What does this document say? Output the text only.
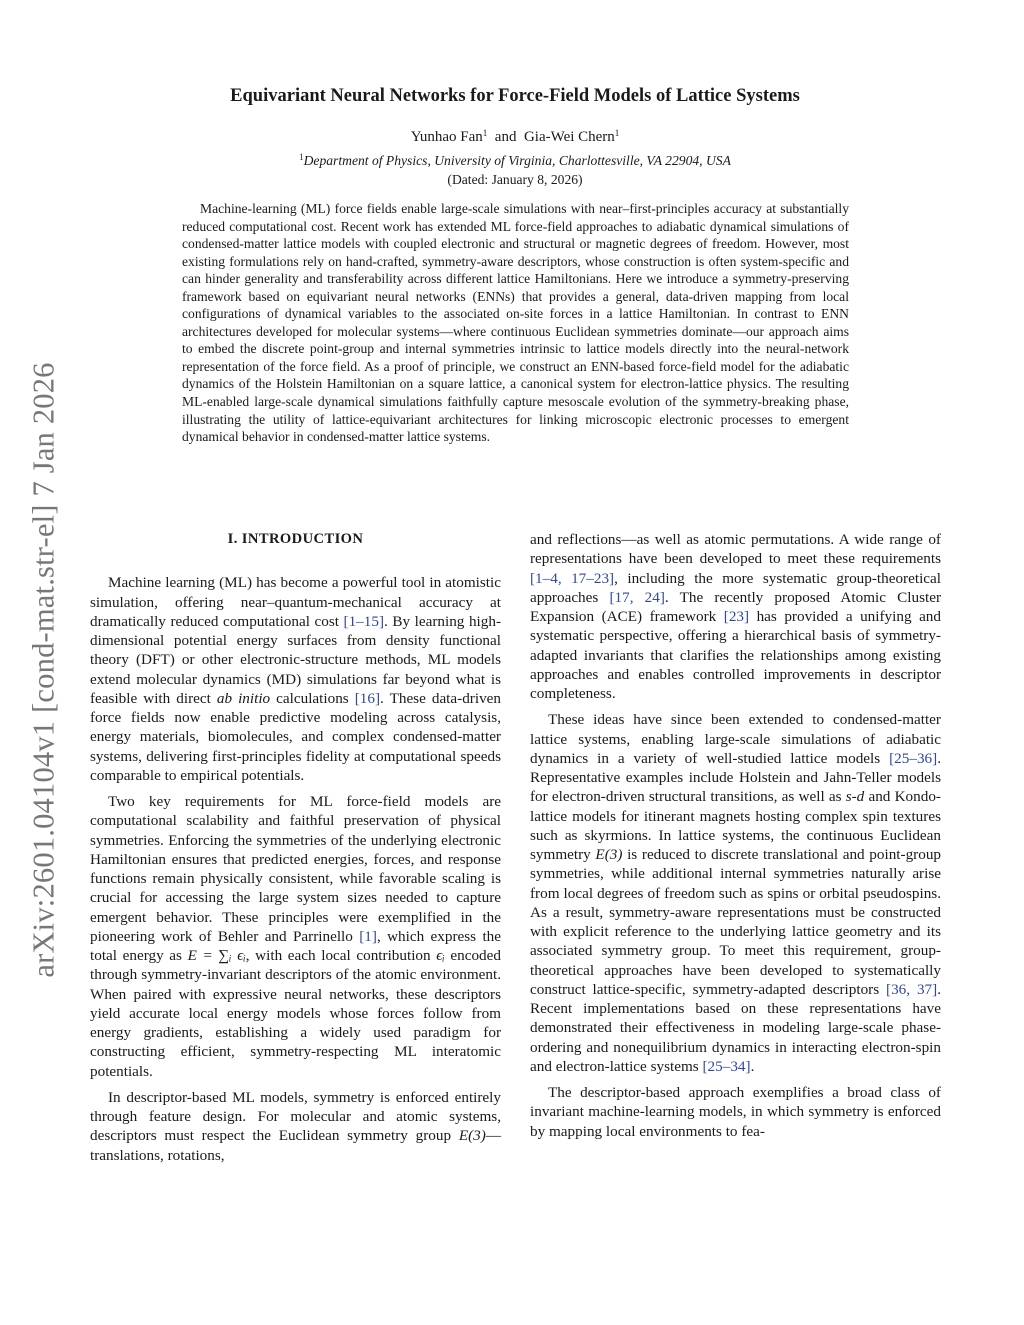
arXiv:2601.04104v1 [cond-mat.str-el] 7 Jan 2026
Equivariant Neural Networks for Force-Field Models of Lattice Systems
Yunhao Fan$^1$ and Gia-Wei Chern$^1$
$^1$Department of Physics, University of Virginia, Charlottesville, VA 22904, USA
(Dated: January 8, 2026)
Machine-learning (ML) force fields enable large-scale simulations with near–first-principles accuracy at substantially reduced computational cost. Recent work has extended ML force-field approaches to adiabatic dynamical simulations of condensed-matter lattice models with coupled electronic and structural or magnetic degrees of freedom. However, most existing formulations rely on hand-crafted, symmetry-aware descriptors, whose construction is often system-specific and can hinder generality and transferability across different lattice Hamiltonians. Here we introduce a symmetry-preserving framework based on equivariant neural networks (ENNs) that provides a general, data-driven mapping from local configurations of dynamical variables to the associated on-site forces in a lattice Hamiltonian. In contrast to ENN architectures developed for molecular systems—where continuous Euclidean symmetries dominate—our approach aims to embed the discrete point-group and internal symmetries intrinsic to lattice models directly into the neural-network representation of the force field. As a proof of principle, we construct an ENN-based force-field model for the adiabatic dynamics of the Holstein Hamiltonian on a square lattice, a canonical system for electron-lattice physics. The resulting ML-enabled large-scale dynamical simulations faithfully capture mesoscale evolution of the symmetry-breaking phase, illustrating the utility of lattice-equivariant architectures for linking microscopic electronic processes to emergent dynamical behavior in condensed-matter lattice systems.
I. INTRODUCTION

Machine learning (ML) has become a powerful tool in atomistic simulation, offering near–quantum-mechanical accuracy at dramatically reduced computational cost [1–15]. By learning high-dimensional potential energy surfaces from density functional theory (DFT) or other electronic-structure methods, ML models extend molecular dynamics (MD) simulations far beyond what is feasible with direct ab initio calculations [16]. These data-driven force fields now enable predictive modeling across catalysis, energy materials, biomolecules, and complex condensed-matter systems, delivering first-principles fidelity at computational speeds comparable to empirical potentials.

Two key requirements for ML force-field models are computational scalability and faithful preservation of physical symmetries. Enforcing the symmetries of the underlying electronic Hamiltonian ensures that predicted energies, forces, and response functions remain physically consistent, while favorable scaling is crucial for accessing the large system sizes needed to capture emergent behavior. These principles were exemplified in the pioneering work of Behler and Parrinello [1], which express the total energy as E = ∑ᵢ ϵᵢ, with each local contribution ϵᵢ encoded through symmetry-invariant descriptors of the atomic environment. When paired with expressive neural networks, these descriptors yield accurate local energy models whose forces follow from energy gradients, establishing a widely used paradigm for constructing efficient, symmetry-respecting ML interatomic potentials.

In descriptor-based ML models, symmetry is enforced entirely through feature design. For molecular and atomic systems, descriptors must respect the Euclidean symmetry group E(3)—translations, rotations,

and reflections—as well as atomic permutations. A wide range of representations have been developed to meet these requirements [1–4, 17–23], including the more systematic group-theoretical approaches [17, 24]. The recently proposed Atomic Cluster Expansion (ACE) framework [23] has provided a unifying and systematic perspective, offering a hierarchical basis of symmetry-adapted invariants that clarifies the relationships among existing approaches and enables controlled improvements in descriptor completeness.

These ideas have since been extended to condensed-matter lattice systems, enabling large-scale simulations of adiabatic dynamics in a variety of well-studied lattice models [25–36]. Representative examples include Holstein and Jahn-Teller models for electron-driven structural transitions, as well as s-d and Kondo-lattice models for itinerant magnets hosting complex spin textures such as skyrmions. In lattice systems, the continuous Euclidean symmetry E(3) is reduced to discrete translational and point-group symmetries, while additional internal symmetries naturally arise from local degrees of freedom such as spins or orbital pseudospins. As a result, symmetry-aware representations must be constructed with explicit reference to the underlying lattice geometry and its associated symmetry group. To meet this requirement, group-theoretical approaches have been developed to systematically construct lattice-specific, symmetry-adapted descriptors [36, 37]. Recent implementations based on these representations have demonstrated their effectiveness in modeling large-scale phase-ordering and nonequilibrium dynamics in interacting electron-spin and electron-lattice systems [25–34].

The descriptor-based approach exemplifies a broad class of invariant machine-learning models, in which symmetry is enforced by mapping local environments to fea-
